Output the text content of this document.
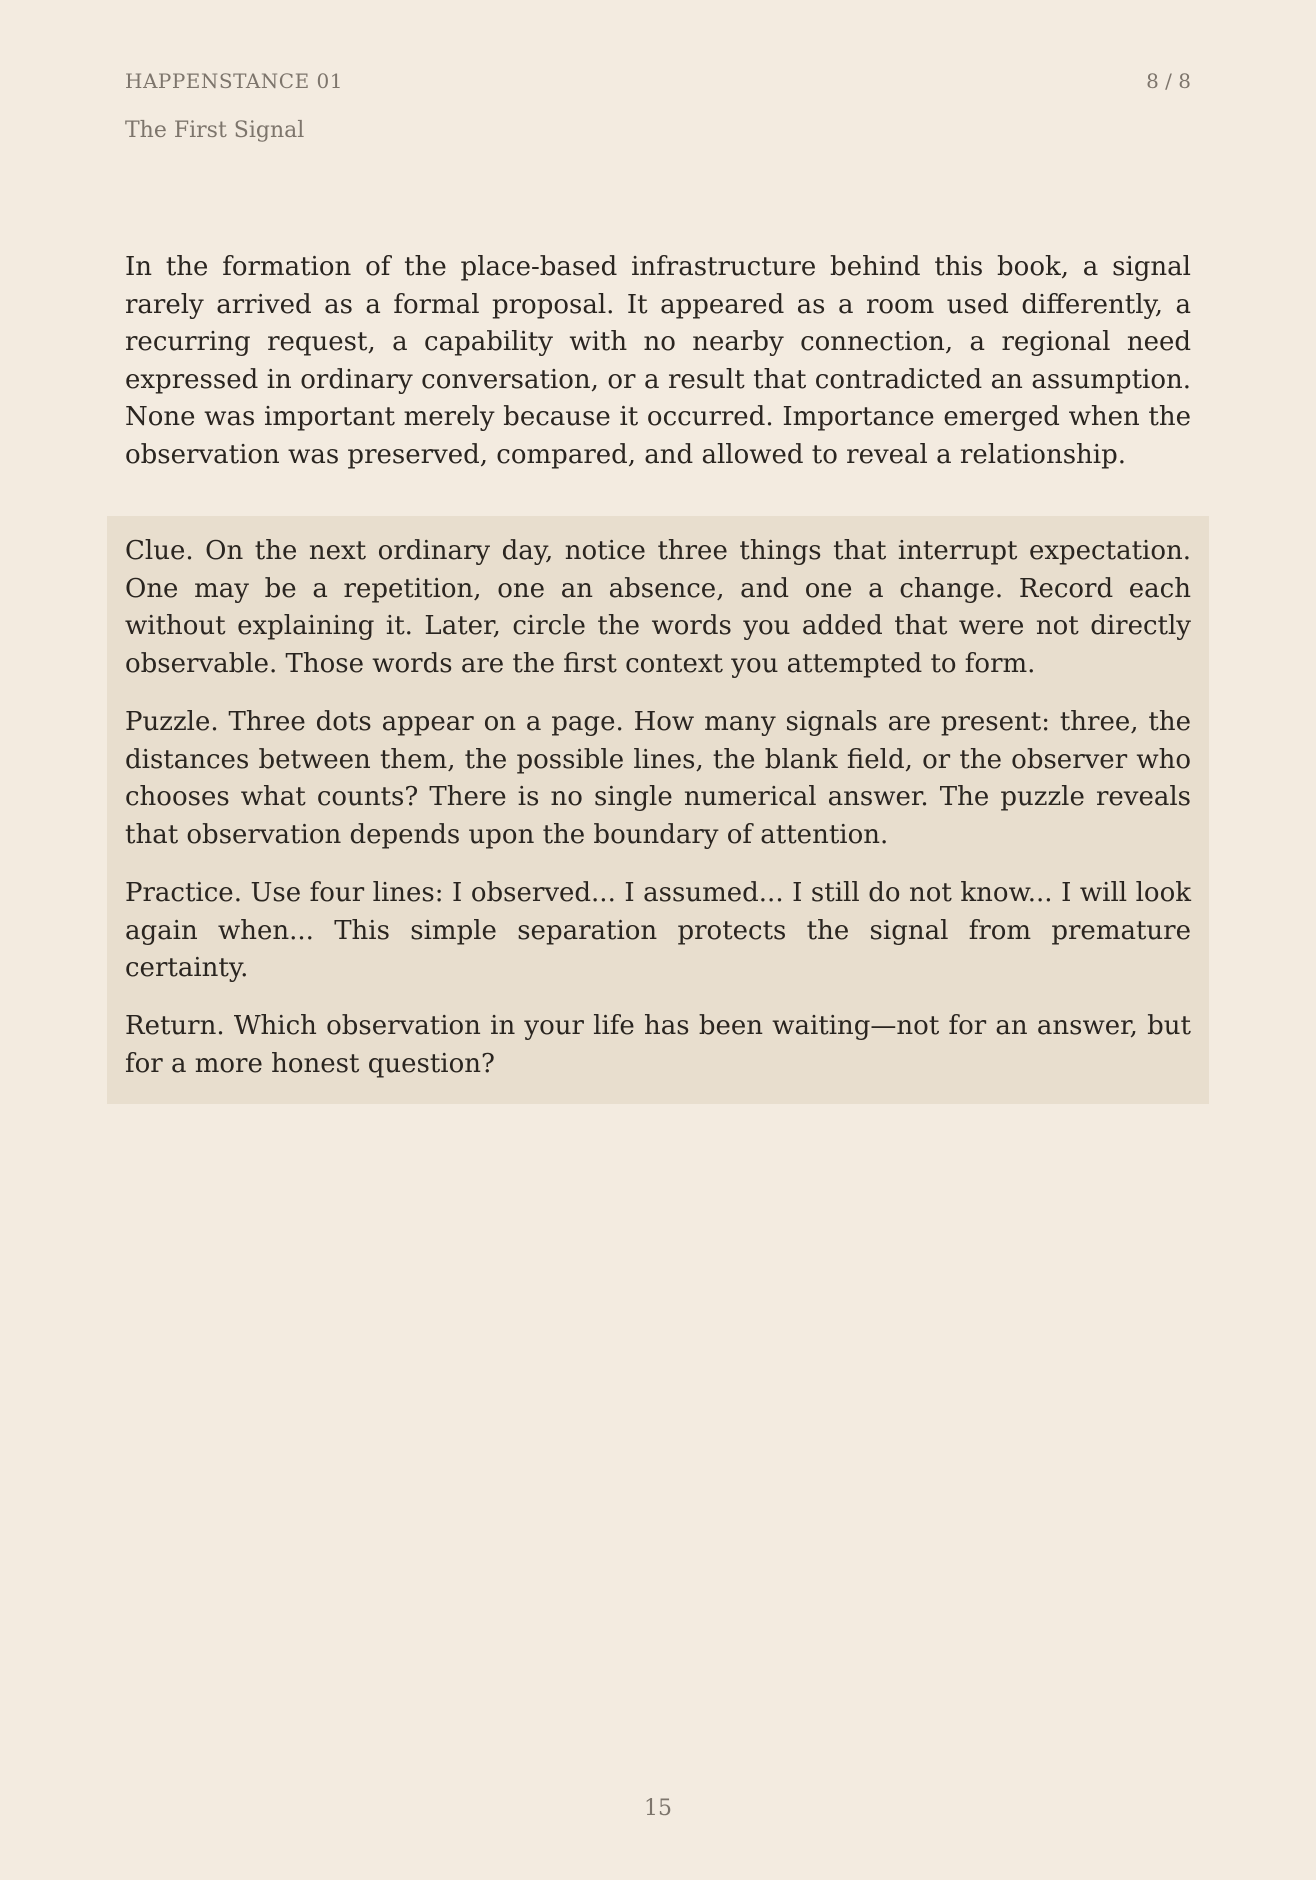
HAPPENSTANCE 01	8 / 8
The First Signal

In the formation of the place-based infrastructure behind this book, a signal rarely arrived as a formal proposal. It appeared as a room used differently, a recurring request, a capability with no nearby connection, a regional need expressed in ordinary conversation, or a result that contradicted an assumption. None was important merely because it occurred. Importance emerged when the observation was preserved, compared, and allowed to reveal a relationship.

Clue. On the next ordinary day, notice three things that interrupt expectation. One may be a repetition, one an absence, and one a change. Record each without explaining it. Later, circle the words you added that were not directly observable. Those words are the first context you attempted to form.

Puzzle. Three dots appear on a page. How many signals are present: three, the distances between them, the possible lines, the blank field, or the observer who chooses what counts? There is no single numerical answer. The puzzle reveals that observation depends upon the boundary of attention.

Practice. Use four lines: I observed... I assumed... I still do not know... I will look again when... This simple separation protects the signal from premature certainty.

Return. Which observation in your life has been waiting—not for an answer, but for a more honest question?

15
